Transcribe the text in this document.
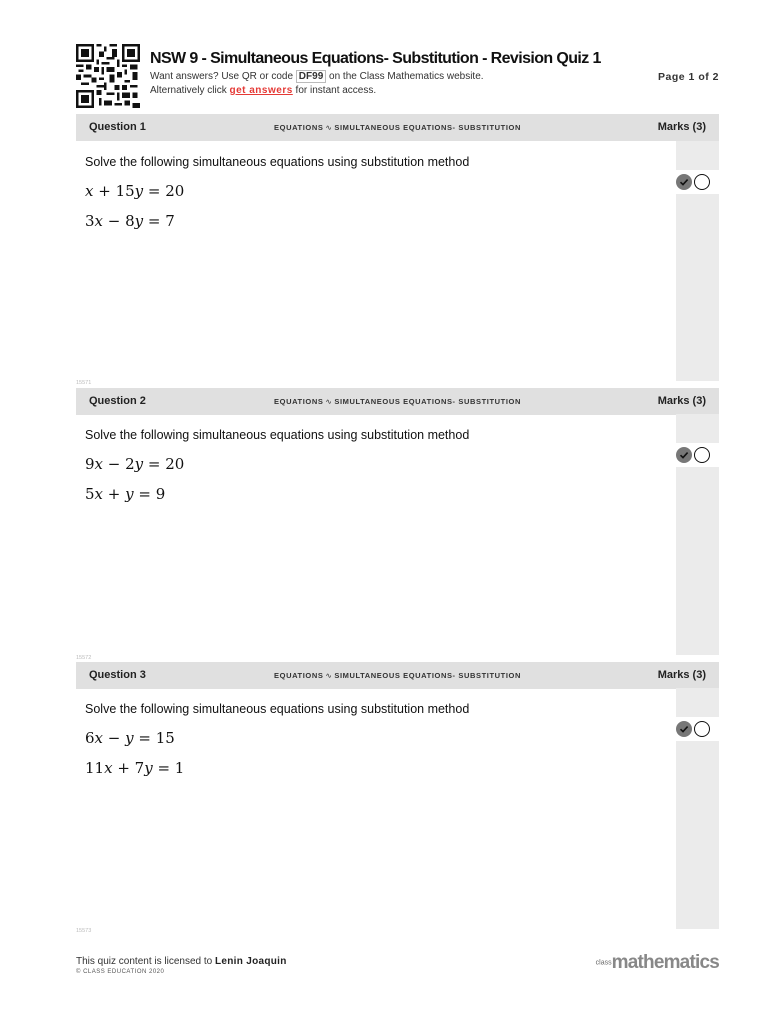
NSW 9 - Simultaneous Equations- Substitution - Revision Quiz 1
Want answers? Use QR or code DF99 on the Class Mathematics website.
Alternatively click get answers for instant access.
Page 1 of 2
Question 1	EQUATIONS ∿ SIMULTANEOUS EQUATIONS- SUBSTITUTION	Marks (3)
Solve the following simultaneous equations using substitution method
x + 15y = 20
3x − 8y = 7
15571
Question 2	EQUATIONS ∿ SIMULTANEOUS EQUATIONS- SUBSTITUTION	Marks (3)
Solve the following simultaneous equations using substitution method
9x − 2y = 20
5x + y = 9
15572
Question 3	EQUATIONS ∿ SIMULTANEOUS EQUATIONS- SUBSTITUTION	Marks (3)
Solve the following simultaneous equations using substitution method
6x − y = 15
11x + 7y = 1
15573
This quiz content is licensed to Lenin Joaquin
© CLASS EDUCATION 2020
classmathematics
